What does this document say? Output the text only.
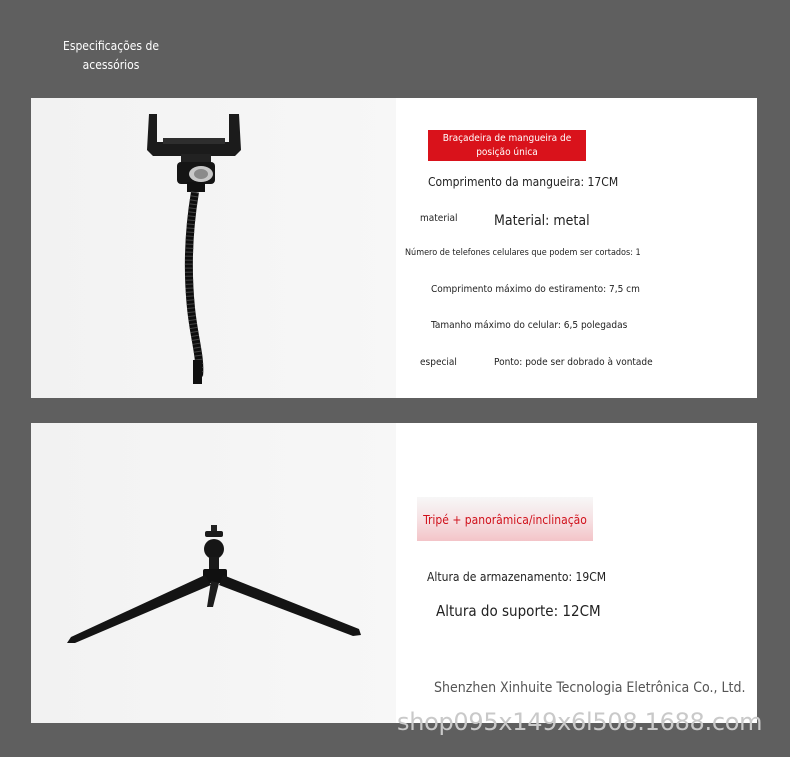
Especificações de
acessórios
Braçadeira de mangueira de posição única
Comprimento da mangueira: 17CM
material	Material: metal
Número de telefones celulares que podem ser cortados: 1
Comprimento máximo do estiramento: 7,5 cm
Tamanho máximo do celular: 6,5 polegadas
especial	Ponto: pode ser dobrado à vontade
Tripé + panorâmica/inclinação
Altura de armazenamento: 19CM
Altura do suporte: 12CM
Shenzhen Xinhuite Tecnologia Eletrônica Co., Ltd.
shop095x149x6l508.1688.com
